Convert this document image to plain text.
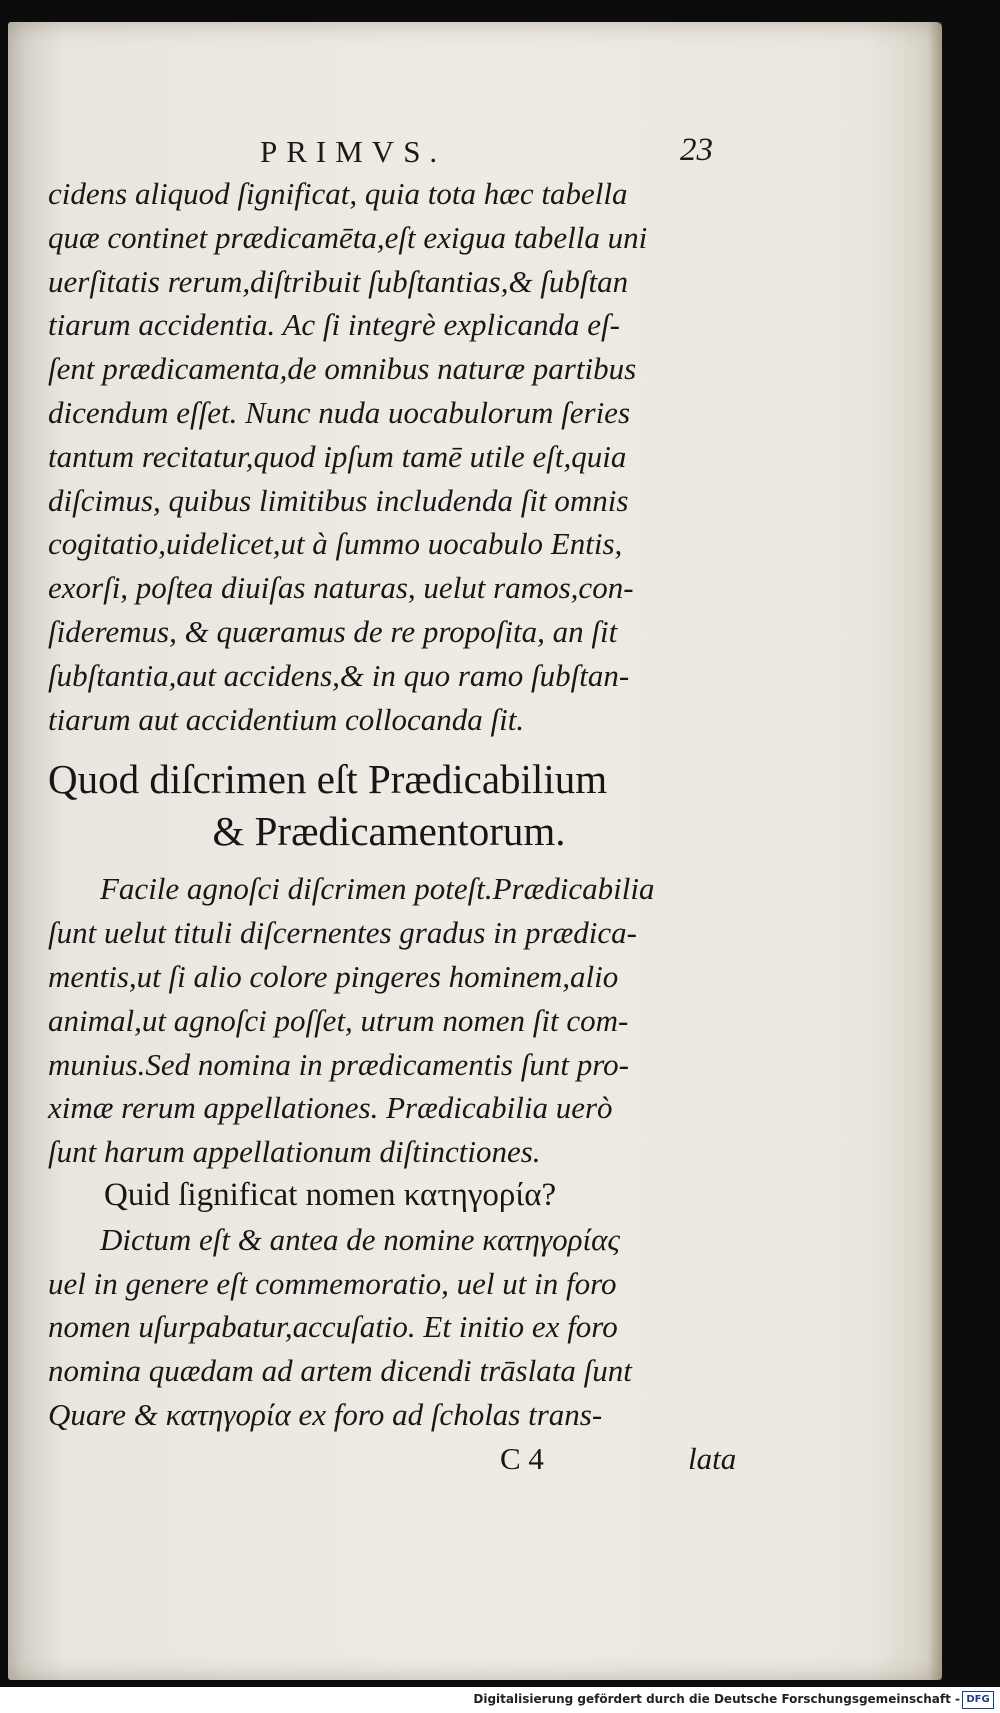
PRIMVS.	23
cidens aliquod ſignificat, quia tota hæc tabella
quæ continet prædicamēta,eſt exigua tabella uni
uerſitatis rerum,diſtribuit ſubſtantias,& ſubſtan
tiarum accidentia. Ac ſi integrè explicanda eſ-
ſent prædicamenta,de omnibus naturæ partibus
dicendum eſſet. Nunc nuda uocabulorum ſeries
tantum recitatur,quod ipſum tamē utile eſt,quia
diſcimus, quibus limitibus includenda ſit omnis
cogitatio,uidelicet,ut à ſummo uocabulo Entis,
exorſi, poſtea diuiſas naturas, uelut ramos,con-
ſideremus, & quæramus de re propoſita, an ſit
ſubſtantia,aut accidens,& in quo ramo ſubſtan-
tiarum aut accidentium collocanda ſit.
Quod diſcrimen eſt Prædicabilium
& Prædicamentorum.
Facile agnoſci diſcrimen poteſt.Prædicabilia
ſunt uelut tituli diſcernentes gradus in prædica-
mentis,ut ſi alio colore pingeres hominem,alio
animal,ut agnoſci poſſet, utrum nomen ſit com-
munius.Sed nomina in prædicamentis ſunt pro-
ximæ rerum appellationes. Prædicabilia uerò
ſunt harum appellationum diſtinctiones.
Quid ſignificat nomen κατηγορία?
Dictum eſt & antea de nomine κατηγορίας
uel in genere eſt commemoratio, uel ut in foro
nomen uſurpabatur,accuſatio. Et initio ex foro
nomina quædam ad artem dicendi trāslata ſunt
Quare & κατηγορία ex foro ad ſcholas trans-
C 4	lata
Digitalisierung gefördert durch die Deutsche Forschungsgemeinschaft - DFG
